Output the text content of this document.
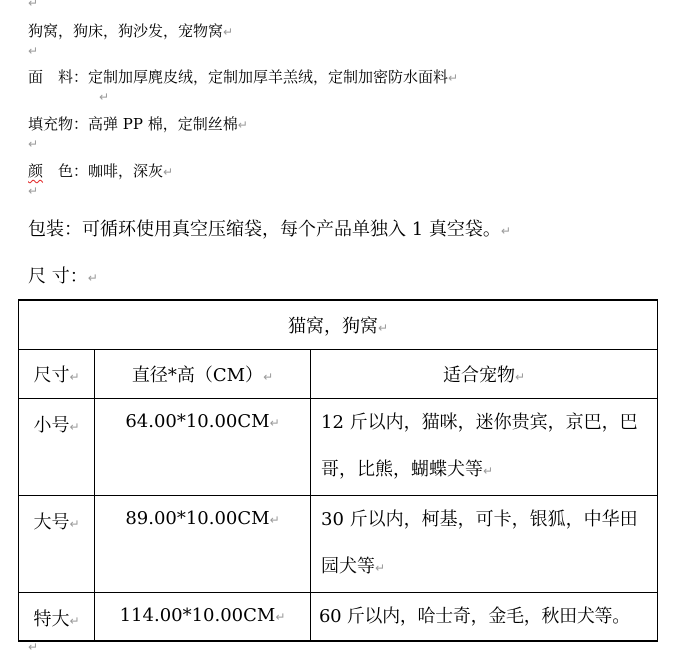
↵
狗窝，狗床，狗沙发，宠物窝↵
↵
面　料：定制加厚麂皮绒，定制加厚羊羔绒，定制加密防水面料↵
↵
填充物：高弹 PP 棉，定制丝棉↵
↵
颜　色：咖啡，深灰↵
↵
包装：可循环使用真空压缩袋，每个产品单独入 1 真空袋。↵
尺 寸：↵
猫窝，狗窝↵		
尺寸↵	直径*高（CM）↵	适合宠物↵

小号↵	64.00*10.00CM↵	12 斤以内，猫咪，迷你贵宾，京巴，巴哥，比熊，蝴蝶犬等↵

大号↵	89.00*10.00CM↵	30 斤以内，柯基，可卡，银狐，中华田园犬等↵

特大↵	114.00*10.00CM↵	60 斤以内，哈士奇，金毛，秋田犬等。
↵
